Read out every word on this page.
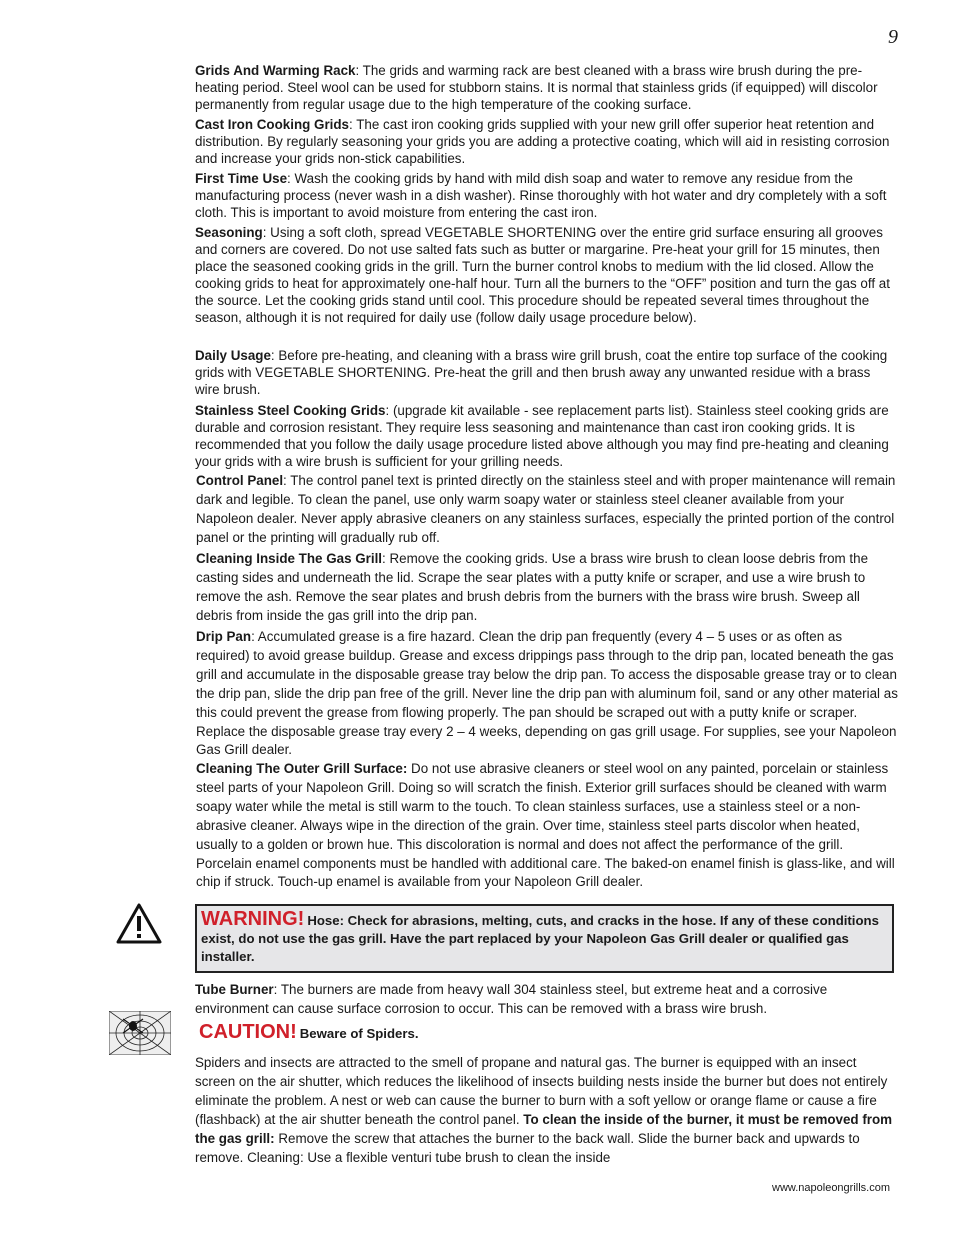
9

Grids And Warming Rack: The grids and warming rack are best cleaned with a brass wire brush during the pre-heating period. Steel wool can be used for stubborn stains. It is normal that stainless grids (if equipped) will discolor permanently from regular usage due to the high temperature of the cooking surface.

Cast Iron Cooking Grids: The cast iron cooking grids supplied with your new grill offer superior heat retention and distribution. By regularly seasoning your grids you are adding a protective coating, which will aid in resisting corrosion and increase your grids non-stick capabilities.

First Time Use: Wash the cooking grids by hand with mild dish soap and water to remove any residue from the manufacturing process (never wash in a dish washer). Rinse thoroughly with hot water and dry completely with a soft cloth. This is important to avoid moisture from entering the cast iron.

Seasoning: Using a soft cloth, spread VEGETABLE SHORTENING over the entire grid surface ensuring all grooves and corners are covered. Do not use salted fats such as butter or margarine. Pre-heat your grill for 15 minutes, then place the seasoned cooking grids in the grill. Turn the burner control knobs to medium with the lid closed. Allow the cooking grids to heat for approximately one-half hour. Turn all the burners to the “OFF” position and turn the gas off at the source. Let the cooking grids stand until cool. This procedure should be repeated several times throughout the season, although it is not required for daily use (follow daily usage procedure below).

Daily Usage: Before pre-heating, and cleaning with a brass wire grill brush, coat the entire top surface of the cooking grids with VEGETABLE SHORTENING. Pre-heat the grill and then brush away any unwanted residue with a brass wire brush.

Stainless Steel Cooking Grids: (upgrade kit available - see replacement parts list). Stainless steel cooking grids are durable and corrosion resistant. They require less seasoning and maintenance than cast iron cooking grids. It is recommended that you follow the daily usage procedure listed above although you may find pre-heating and cleaning your grids with a wire brush is sufficient for your grilling needs.

Control Panel: The control panel text is printed directly on the stainless steel and with proper maintenance will remain dark and legible. To clean the panel, use only warm soapy water or stainless steel cleaner available from your Napoleon dealer. Never apply abrasive cleaners on any stainless surfaces, especially the printed portion of the control panel or the printing will gradually rub off.

Cleaning Inside The Gas Grill: Remove the cooking grids. Use a brass wire brush to clean loose debris from the casting sides and underneath the lid. Scrape the sear plates with a putty knife or scraper, and use a wire brush to remove the ash. Remove the sear plates and brush debris from the burners with the brass wire brush. Sweep all debris from inside the gas grill into the drip pan.

Drip Pan: Accumulated grease is a fire hazard. Clean the drip pan frequently (every 4 – 5 uses or as often as required) to avoid grease buildup. Grease and excess drippings pass through to the drip pan, located beneath the gas grill and accumulate in the disposable grease tray below the drip pan. To access the disposable grease tray or to clean the drip pan, slide the drip pan free of the grill. Never line the drip pan with aluminum foil, sand or any other material as this could prevent the grease from flowing properly. The pan should be scraped out with a putty knife or scraper. Replace the disposable grease tray every 2 – 4 weeks, depending on gas grill usage. For supplies, see your Napoleon Gas Grill dealer.

Cleaning The Outer Grill Surface: Do not use abrasive cleaners or steel wool on any painted, porcelain or stainless steel parts of your Napoleon Grill. Doing so will scratch the finish. Exterior grill surfaces should be cleaned with warm soapy water while the metal is still warm to the touch. To clean stainless surfaces, use a stainless steel or a non-abrasive cleaner. Always wipe in the direction of the grain. Over time, stainless steel parts discolor when heated, usually to a golden or brown hue. This discoloration is normal and does not affect the performance of the grill. Porcelain enamel components must be handled with additional care. The baked-on enamel finish is glass-like, and will chip if struck. Touch-up enamel is available from your Napoleon Grill dealer.

WARNING! Hose: Check for abrasions, melting, cuts, and cracks in the hose. If any of these conditions exist, do not use the gas grill. Have the part replaced by your Napoleon Gas Grill dealer or qualified gas installer.

Tube Burner: The burners are made from heavy wall 304 stainless steel, but extreme heat and a corrosive environment can cause surface corrosion to occur. This can be removed with a brass wire brush.

CAUTION! Beware of Spiders.

Spiders and insects are attracted to the smell of propane and natural gas. The burner is equipped with an insect screen on the air shutter, which reduces the likelihood of insects building nests inside the burner but does not entirely eliminate the problem. A nest or web can cause the burner to burn with a soft yellow or orange flame or cause a fire (flashback) at the air shutter beneath the control panel. To clean the inside of the burner, it must be removed from the gas grill: Remove the screw that attaches the burner to the back wall. Slide the burner back and upwards to remove. Cleaning: Use a flexible venturi tube brush to clean the inside

www.napoleongrills.com
